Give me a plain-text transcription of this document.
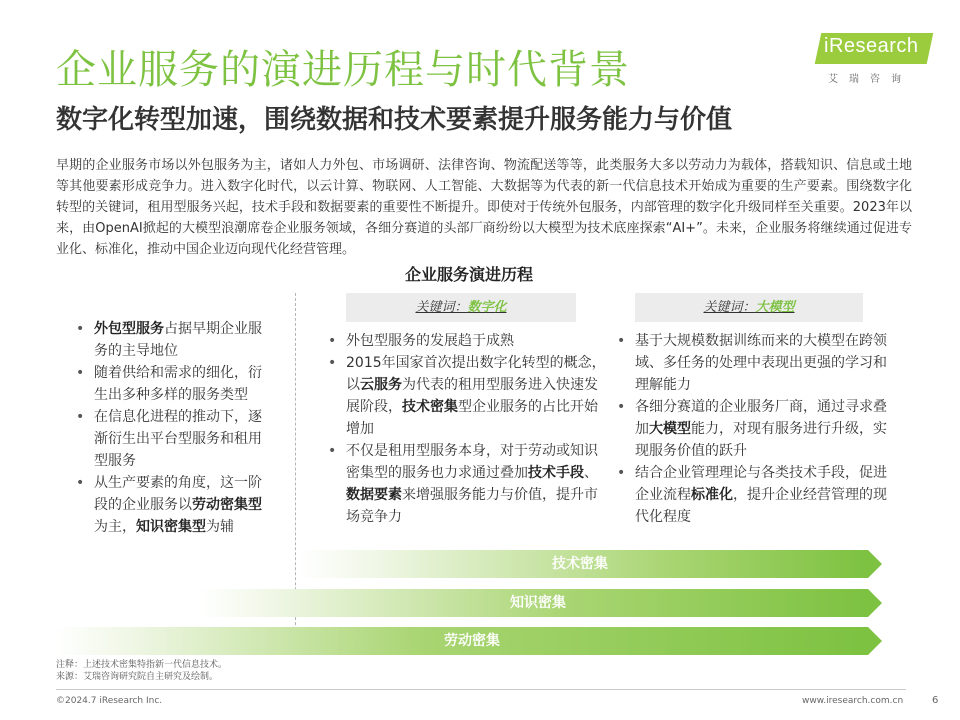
企业服务的演进历程与时代背景
数字化转型加速，围绕数据和技术要素提升服务能力与价值
iResearch
艾瑞咨询

早期的企业服务市场以外包服务为主，诸如人力外包、市场调研、法律咨询、物流配送等等，此类服务大多以劳动力为载体，搭载知识、信息或土地等其他要素形成竞争力。进入数字化时代，以云计算、物联网、人工智能、大数据等为代表的新一代信息技术开始成为重要的生产要素。围绕数字化转型的关键词，租用型服务兴起，技术手段和数据要素的重要性不断提升。即使对于传统外包服务，内部管理的数字化升级同样至关重要。2023年以来，由OpenAI掀起的大模型浪潮席卷企业服务领域，各细分赛道的头部厂商纷纷以大模型为技术底座探索“AI+”。未来，企业服务将继续通过促进专业化、标准化，推动中国企业迈向现代化经营管理。

企业服务演进历程
关键词：数字化	关键词：大模型
• 外包型服务占据早期企业服务的主导地位
• 随着供给和需求的细化，衍生出多种多样的服务类型
• 在信息化进程的推动下，逐渐衍生出平台型服务和租用型服务
• 从生产要素的角度，这一阶段的企业服务以劳动密集型为主，知识密集型为辅
• 外包型服务的发展趋于成熟
• 2015年国家首次提出数字化转型的概念，以云服务为代表的租用型服务进入快速发展阶段，技术密集型企业服务的占比开始增加
• 不仅是租用型服务本身，对于劳动或知识密集型的服务也力求通过叠加技术手段、数据要素来增强服务能力与价值，提升市场竞争力
• 基于大规模数据训练而来的大模型在跨领域、多任务的处理中表现出更强的学习和理解能力
• 各细分赛道的企业服务厂商，通过寻求叠加大模型能力，对现有服务进行升级，实现服务价值的跃升
• 结合企业管理理论与各类技术手段，促进企业流程标准化，提升企业经营管理的现代化程度
技术密集
知识密集
劳动密集
注释：上述技术密集特指新一代信息技术。
来源：艾瑞咨询研究院自主研究及绘制。
©2024.7 iResearch Inc.	www.iresearch.com.cn	6
